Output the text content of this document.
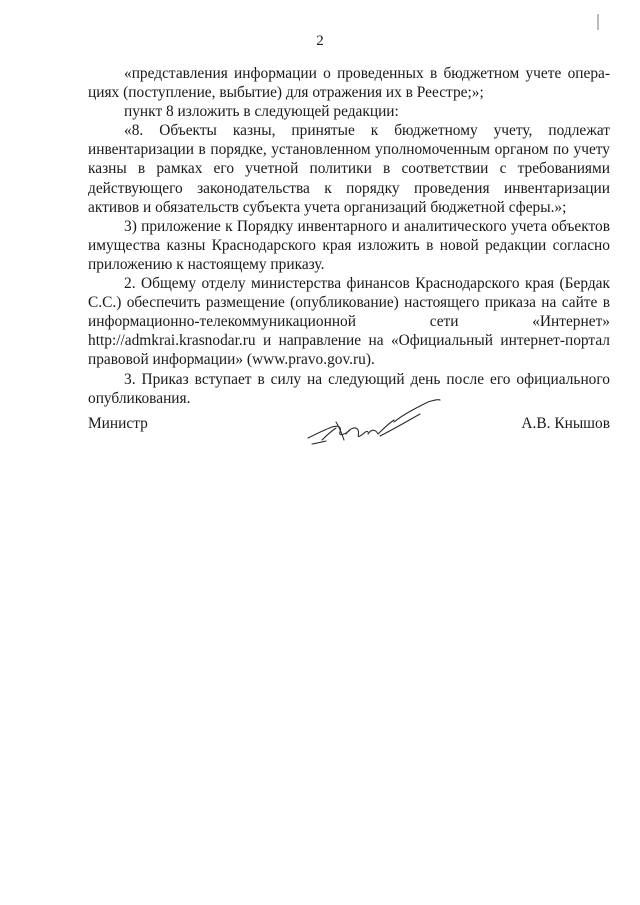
2

«представления информации о проведенных в бюджетном учете опера-циях (поступление, выбытие) для отражения их в Реестре;»;

пункт 8 изложить в следующей редакции:

«8. Объекты казны, принятые к бюджетному учету, подлежат инвентаризации в порядке, установленном уполномоченным органом по учету казны в рамках его учетной политики в соответствии с требованиями действующего законодательства к порядку проведения инвентаризации активов и обязательств субъекта учета организаций бюджетной сферы.»;

3) приложение к Порядку инвентарного и аналитического учета объектов имущества казны Краснодарского края изложить в новой редакции согласно приложению к настоящему приказу.

2. Общему отделу министерства финансов Краснодарского края (Бердак С.С.) обеспечить размещение (опубликование) настоящего приказа на сайте в информационно-телекоммуникационной сети «Интернет» http://admkrai.krasnodar.ru и направление на «Официальный интернет-портал правовой информации» (www.pravo.gov.ru).

3. Приказ вступает в силу на следующий день после его официального опубликования.

Министр	А.В. Кнышов
